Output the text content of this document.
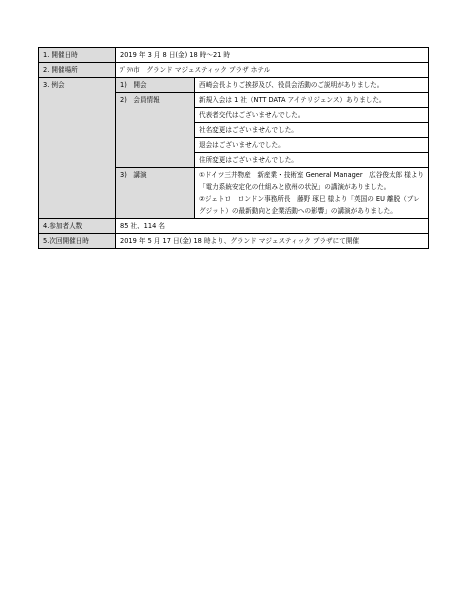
1. 開催日時	2019 年 3 月 8 日(金) 18 時～21 時	
2. 開催場所	ﾌﾟﾗﾊ市　グランド マジェスティック プラザ ホテル	
3. 例会	1)　開会	西崎会長よりご挨拶及び、役員会活動のご説明がありました。
	2)　会員情報	新規入会は 1 社（NTT DATA アイテリジェンス）ありました。
		代表者交代はございませんでした。
		社名変更はございませんでした。
		退会はございませんでした。
		住所変更はございませんでした。
	3)　講演	①ドイツ三井物産　新産業・技術室 General Manager　広谷俊太郎 様より「電力系統安定化の仕組みと欧州の状況」の講演がありました。
②ジェトロ　ロンドン事務所長　藤野 琢巳 様より「英国の EU 離脱（ブレグジット）の最新動向と企業活動への影響」の講演がありました。

4.参加者人数	85 社、114 名	
5.次回開催日時	2019 年 5 月 17 日(金) 18 時より、グランド マジェスティック プラザにて開催	
